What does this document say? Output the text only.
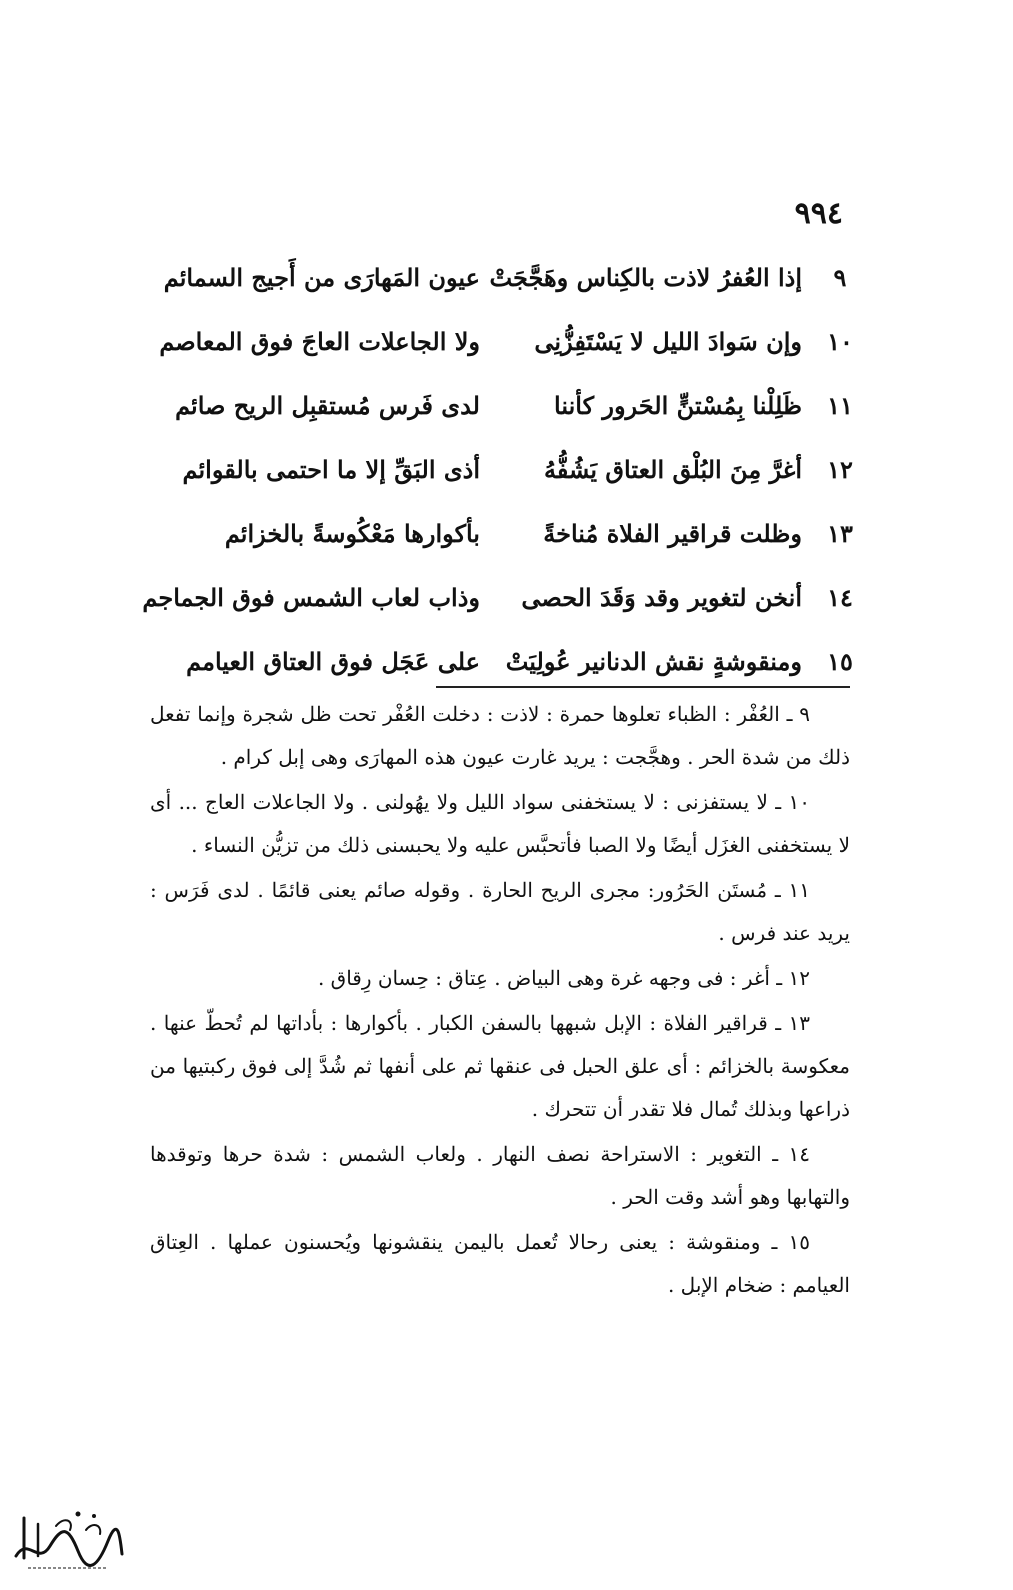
٩٩٤
٩
إذا العُفرُ لاذت بالكِناس وهَجَّجَتْ
عيون المَهارَى من أَجيج السمائم
١٠
وإن سَوادَ الليل لا يَسْتَفِزُّنِى
ولا الجاعلات العاجَ فوق المعاصم
١١
ظَلِلْنا بِمُسْتنٍّ الحَرور كأننا
لدى فَرس مُستقبِل الريح صائم
١٢
أغرَّ مِنَ البُلْق العتاق يَشُفُّهُ
أذى البَقِّ إلا ما احتمى بالقوائم
١٣
وظلت قراقير الفلاة مُناخةً
بأكوارها مَعْكُوسةً بالخزائم
١٤
أنخن لتغوير وقد وَقَدَ الحصى
وذاب لعاب الشمس فوق الجماجم
١٥
ومنقوشةٍ نقش الدنانير عُولِيَتْ
على عَجَل فوق العتاق العيامم

٩ ـ العُفْر : الظباء تعلوها حمرة : لاذت : دخلت العُفْر تحت ظل شجرة وإنما تفعل ذلك من شدة الحر . وهجَّجت : يريد غارت عيون هذه المهارَى وهى إبل كرام .

١٠ ـ لا يستفزنى : لا يستخفنى سواد الليل ولا يهُولنى . ولا الجاعلات العاج ... أى لا يستخفنى الغزَل أيضًا ولا الصبا فأتحبَّس عليه ولا يحبسنى ذلك من تزيُّن النساء .

١١ ـ مُستَن الحَرُور: مجرى الريح الحارة . وقوله صائم يعنى قائمًا . لدى فَرَس : يريد عند فرس .

١٢ ـ أغر : فى وجهه غرة وهى البياض . عِتاق : حِسان رِقاق .

١٣ ـ قراقير الفلاة : الإبل شبهها بالسفن الكبار . بأكوارها : بأداتها لم تُحطّ عنها . معكوسة بالخزائم : أى علق الحبل فى عنقها ثم على أنفها ثم شُدَّ إلى فوق ركبتيها من ذراعها وبذلك تُمال فلا تقدر أن تتحرك .

١٤ ـ التغوير : الاستراحة نصف النهار . ولعاب الشمس : شدة حرها وتوقدها والتهابها وهو أشد وقت الحر .

١٥ ـ ومنقوشة : يعنى رحالا تُعمل باليمن ينقشونها ويُحسنون عملها . العِتاق العيامم : ضخام الإبل .
